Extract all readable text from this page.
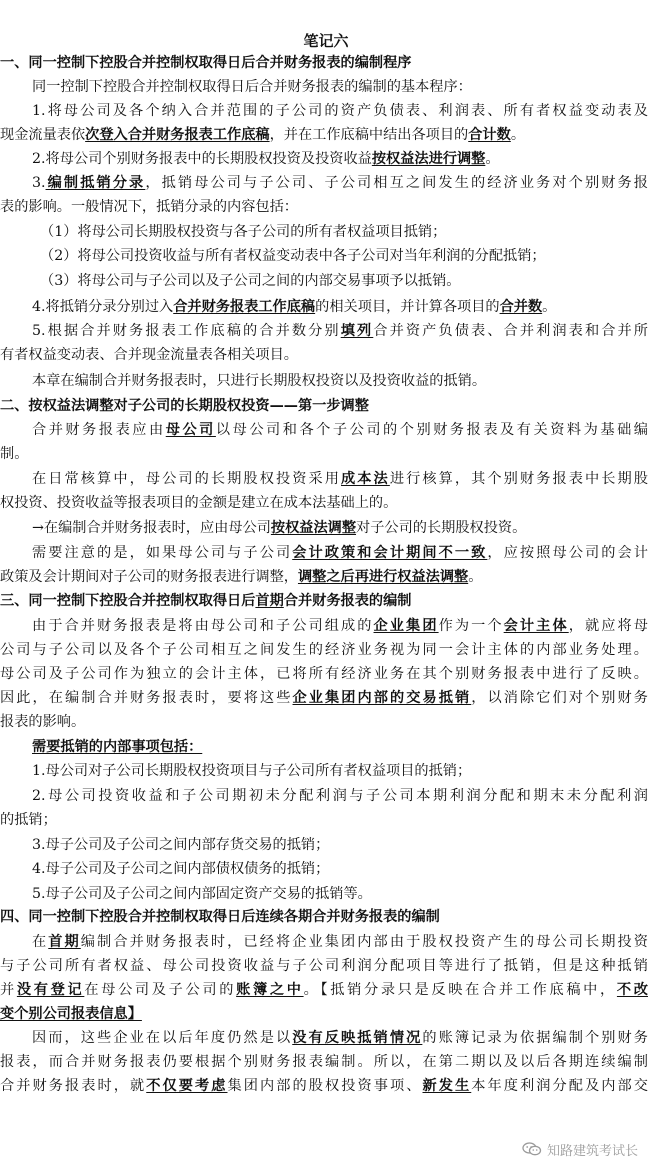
笔记六
一、同一控制下控股合并控制权取得日后合并财务报表的编制程序
同一控制下控股合并控制权取得日后合并财务报表的编制的基本程序：
1.将母公司及各个纳入合并范围的子公司的资产负债表、利润表、所有者权益变动表及
现金流量表依次登入合并财务报表工作底稿，并在工作底稿中结出各项目的合计数。
2.将母公司个别财务报表中的长期股权投资及投资收益按权益法进行调整。
3.编制抵销分录，抵销母公司与子公司、子公司相互之间发生的经济业务对个别财务报
表的影响。一般情况下，抵销分录的内容包括：
（1）将母公司长期股权投资与各子公司的所有者权益项目抵销；
（2）将母公司投资收益与所有者权益变动表中各子公司对当年利润的分配抵销；
（3）将母公司与子公司以及子公司之间的内部交易事项予以抵销。
4.将抵销分录分别过入合并财务报表工作底稿的相关项目，并计算各项目的合并数。
5.根据合并财务报表工作底稿的合并数分别填列合并资产负债表、合并利润表和合并所
有者权益变动表、合并现金流量表各相关项目。
本章在编制合并财务报表时，只进行长期股权投资以及投资收益的抵销。
二、按权益法调整对子公司的长期股权投资——第一步调整
合并财务报表应由母公司以母公司和各个子公司的个别财务报表及有关资料为基础编
制。
在日常核算中，母公司的长期股权投资采用成本法进行核算，其个别财务报表中长期股
权投资、投资收益等报表项目的金额是建立在成本法基础上的。
→在编制合并财务报表时，应由母公司按权益法调整对子公司的长期股权投资。
需要注意的是，如果母公司与子公司会计政策和会计期间不一致，应按照母公司的会计
政策及会计期间对子公司的财务报表进行调整，调整之后再进行权益法调整。
三、同一控制下控股合并控制权取得日后首期合并财务报表的编制
由于合并财务报表是将由母公司和子公司组成的企业集团作为一个会计主体，就应将母
公司与子公司以及各个子公司相互之间发生的经济业务视为同一会计主体的内部业务处理。
母公司及子公司作为独立的会计主体，已将所有经济业务在其个别财务报表中进行了反映。
因此，在编制合并财务报表时，要将这些企业集团内部的交易抵销，以消除它们对个别财务
报表的影响。
需要抵销的内部事项包括：
1.母公司对子公司长期股权投资项目与子公司所有者权益项目的抵销；
2.母公司投资收益和子公司期初未分配利润与子公司本期利润分配和期末未分配利润
的抵销；
3.母子公司及子公司之间内部存货交易的抵销；
4.母子公司及子公司之间内部债权债务的抵销；
5.母子公司及子公司之间内部固定资产交易的抵销等。
四、同一控制下控股合并控制权取得日后连续各期合并财务报表的编制
在首期编制合并财务报表时，已经将企业集团内部由于股权投资产生的母公司长期投资
与子公司所有者权益、母公司投资收益与子公司利润分配项目等进行了抵销，但是这种抵销
并没有登记在母公司及子公司的账簿之中。【抵销分录只是反映在合并工作底稿中，不改
变个别公司报表信息】
因而，这些企业在以后年度仍然是以没有反映抵销情况的账簿记录为依据编制个别财务
报表，而合并财务报表仍要根据个别财务报表编制。所以，在第二期以及以后各期连续编制
合并财务报表时，就不仅要考虑集团内部的股权投资事项、新发生本年度利润分配及内部交
知路建筑考试长
